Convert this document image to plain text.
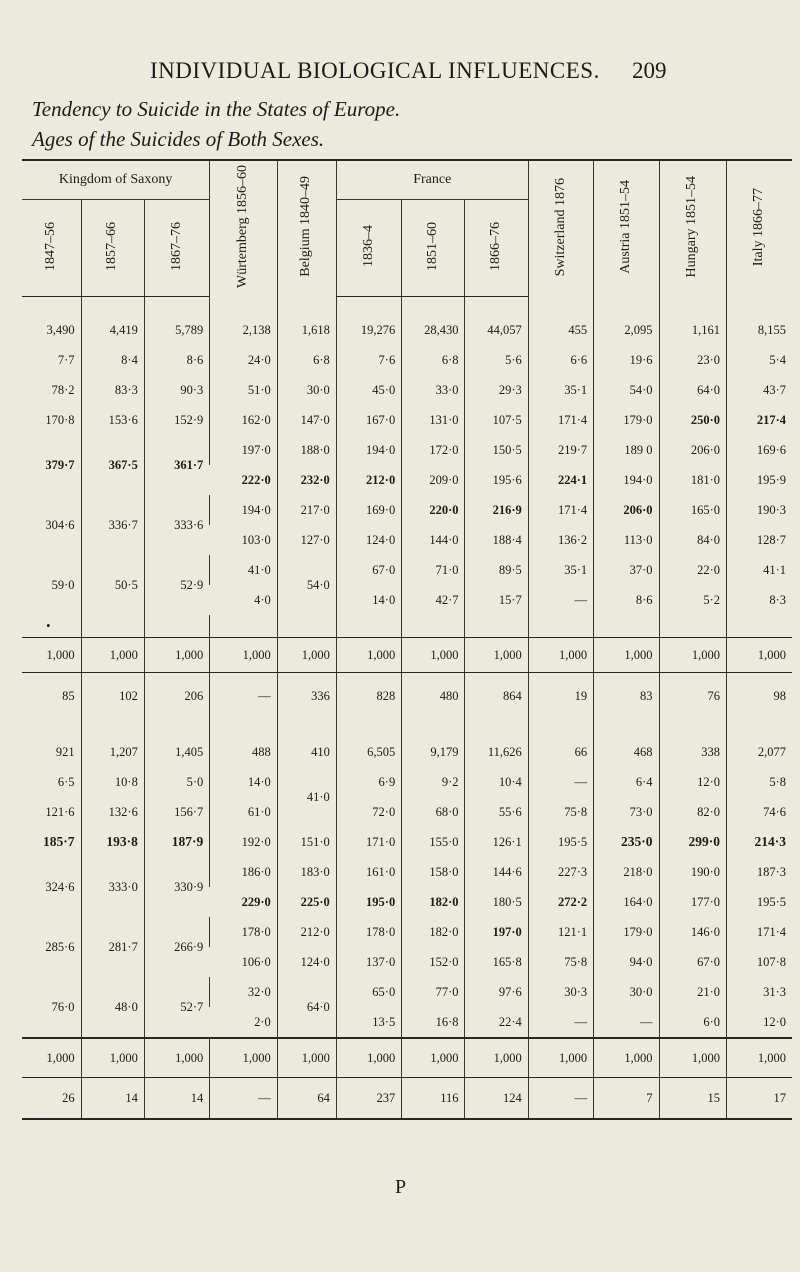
INDIVIDUAL BIOLOGICAL INFLUENCES. 209
Tendency to Suicide in the States of Europe.
Ages of the Suicides of Both Sexes.
Kingdom of Saxony			Würtemberg 1856–60	Belgium 1840–49	France			Switzerland 1876	Austria 1851–54	Hungary 1851–54	Italy 1866–77
1847–56	1857–66	1867–76			1836–4	1851–60	1866–76				

3,490	4,419	5,789	2,138	1,618	19,276	28,430	44,057	455	2,095	1,161	8,155
7·7	8·4	8·6	24·0	6·8	7·6	6·8	5·6	6·6	19·6	23·0	5·4
78·2	83·3	90·3	51·0	30·0	45·0	33·0	29·3	35·1	54·0	64·0	43·7
170·8	153·6	152·9	162·0	147·0	167·0	131·0	107·5	171·4	179·0	250·0	217·4
379·7	367·5	361·7	197·0	188·0	194·0	172·0	150·5	219·7	189 0	206·0	169·6
			222·0	232·0	212·0	209·0	195·6	224·1	194·0	181·0	195·9
304·6	336·7	333·6	194·0	217·0	169·0	220·0	216·9	171·4	206·0	165·0	190·3
			103·0	127·0	124·0	144·0	188·4	136·2	113·0	84·0	128·7
59·0	50·5	52·9	41·0	54·0	67·0	71·0	89·5	35·1	37·0	22·0	41·1
			4·0		14·0	42·7	15·7	—	8·6	5·2	8·3
•											
1,000	1,000	1,000	1,000	1,000	1,000	1,000	1,000	1,000	1,000	1,000	1,000
85	102	206	—	336	828	480	864	19	83	76	98

921	1,207	1,405	488	410	6,505	9,179	11,626	66	468	338	2,077
6·5	10·8	5·0	14·0	41·0	6·9	9·2	10·4	—	6·4	12·0	5·8
121·6	132·6	156·7	61·0		72·0	68·0	55·6	75·8	73·0	82·0	74·6
185·7	193·8	187·9	192·0	151·0	171·0	155·0	126·1	195·5	235·0	299·0	214·3
324·6	333·0	330·9	186·0	183·0	161·0	158·0	144·6	227·3	218·0	190·0	187·3
			229·0	225·0	195·0	182·0	180·5	272·2	164·0	177·0	195·5
285·6	281·7	266·9	178·0	212·0	178·0	182·0	197·0	121·1	179·0	146·0	171·4
			106·0	124·0	137·0	152·0	165·8	75·8	94·0	67·0	107·8
76·0	48·0	52·7	32·0	64·0	65·0	77·0	97·6	30·3	30·0	21·0	31·3
			2·0		13·5	16·8	22·4	—	—	6·0	12·0
1,000	1,000	1,000	1,000	1,000	1,000	1,000	1,000	1,000	1,000	1,000	1,000
26	14	14	—	64	237	116	124	—	7	15	17
P
